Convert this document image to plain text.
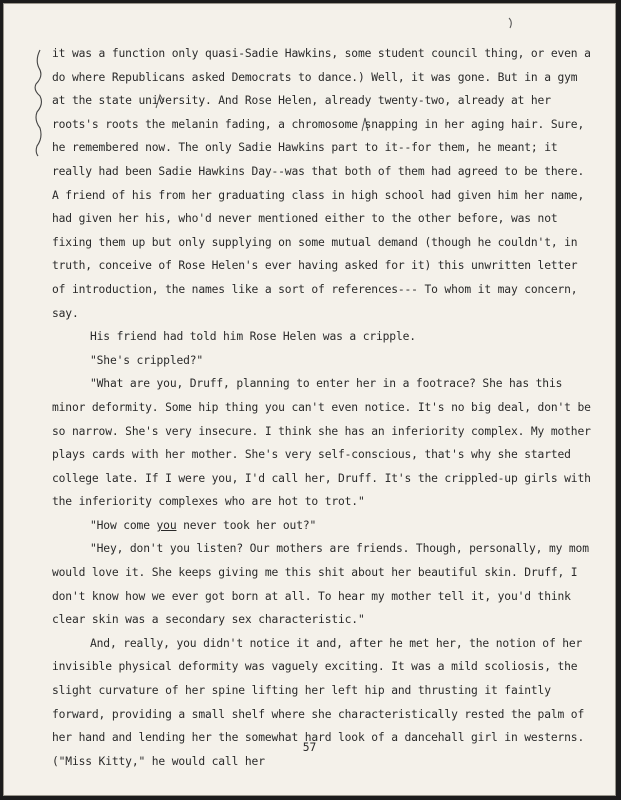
it was a function only quasi-Sadie Hawkins, some student council thing, or even a do where Republicans asked Democrats to dance.) Well, it was gone. But in a gym at the state university. And Rose Helen, already twenty-two, already at her roots's roots the melanin fading, a chromosome snapping in her aging hair. Sure, he remembered now. The only Sadie Hawkins part to it--for them, he meant; it really had been Sadie Hawkins Day--was that both of them had agreed to be there. A friend of his from her graduating class in high school had given him her name, had given her his, who'd never mentioned either to the other before, was not fixing them up but only supplying on some mutual demand (though he couldn't, in truth, conceive of Rose Helen's ever having asked for it) this unwritten letter of introduction, the names like a sort of references--- To whom it may concern, say.

His friend had told him Rose Helen was a cripple.

"She's crippled?"

"What are you, Druff, planning to enter her in a footrace? She has this minor deformity. Some hip thing you can't even notice. It's no big deal, don't be so narrow. She's very insecure. I think she has an inferiority complex. My mother plays cards with her mother. She's very self-conscious, that's why she started college late. If I were you, I'd call her, Druff. It's the crippled-up girls with the inferiority complexes who are hot to trot."

"How come you never took her out?"

"Hey, don't you listen? Our mothers are friends. Though, personally, my mom would love it. She keeps giving me this shit about her beautiful skin. Druff, I don't know how we ever got born at all. To hear my mother tell it, you'd think clear skin was a secondary sex characteristic."

And, really, you didn't notice it and, after he met her, the notion of her invisible physical deformity was vaguely exciting. It was a mild scoliosis, the slight curvature of her spine lifting her left hip and thrusting it faintly forward, providing a small shelf where she characteristically rested the palm of her hand and lending her the somewhat hard look of a dancehall girl in westerns. ("Miss Kitty," he would call her

57
